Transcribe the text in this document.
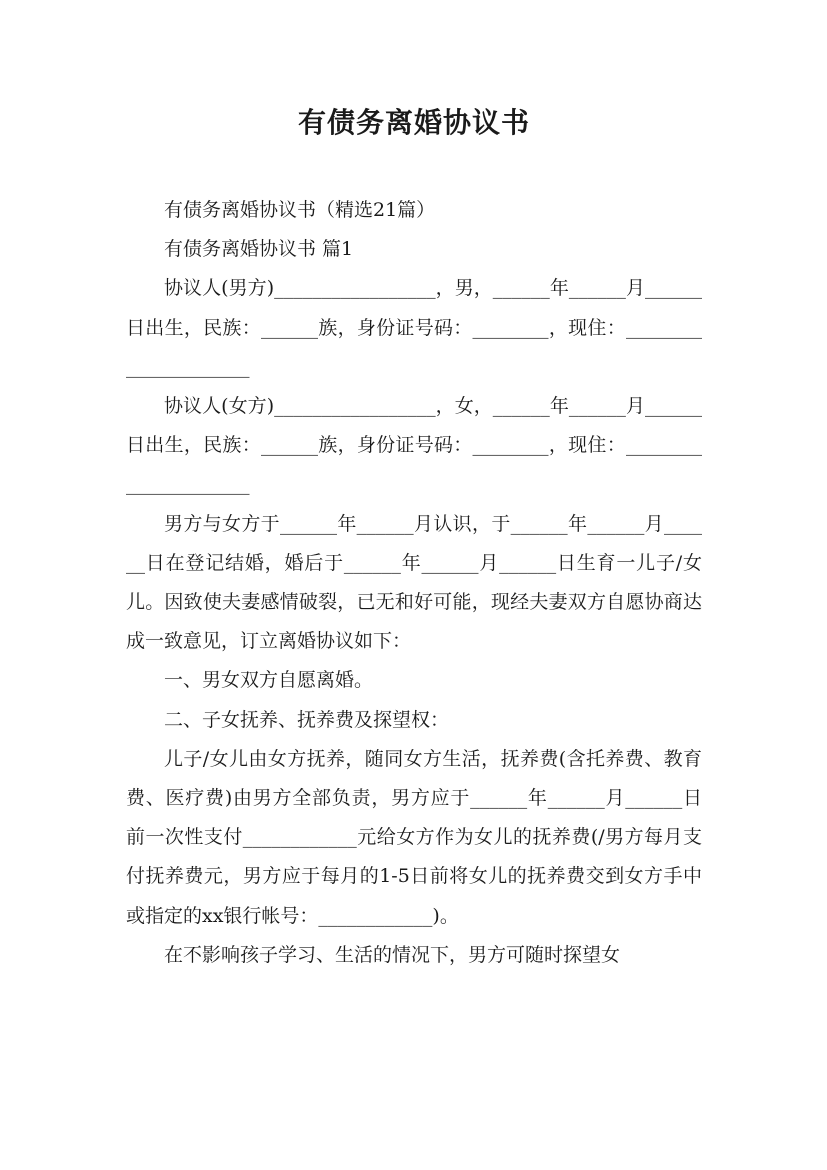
有债务离婚协议书

有债务离婚协议书（精选21篇）

有债务离婚协议书 篇1

协议人(男方)_________________，男，______年______月______日出生，民族：______族，身份证号码：________，现住：_____________________

协议人(女方)_________________，女，______年______月______日出生，民族：______族，身份证号码：________，现住：_____________________

男方与女方于______年______月认识，于______年______月______日在登记结婚，婚后于______年______月______日生育一儿子/女儿。因致使夫妻感情破裂，已无和好可能，现经夫妻双方自愿协商达成一致意见，订立离婚协议如下：

一、男女双方自愿离婚。

二、子女抚养、抚养费及探望权：

儿子/女儿由女方抚养，随同女方生活，抚养费(含托养费、教育费、医疗费)由男方全部负责，男方应于______年______月______日前一次性支付____________元给女方作为女儿的抚养费(/男方每月支付抚养费元，男方应于每月的1-5日前将女儿的抚养费交到女方手中或指定的xx银行帐号：____________)。

在不影响孩子学习、生活的情况下，男方可随时探望女
